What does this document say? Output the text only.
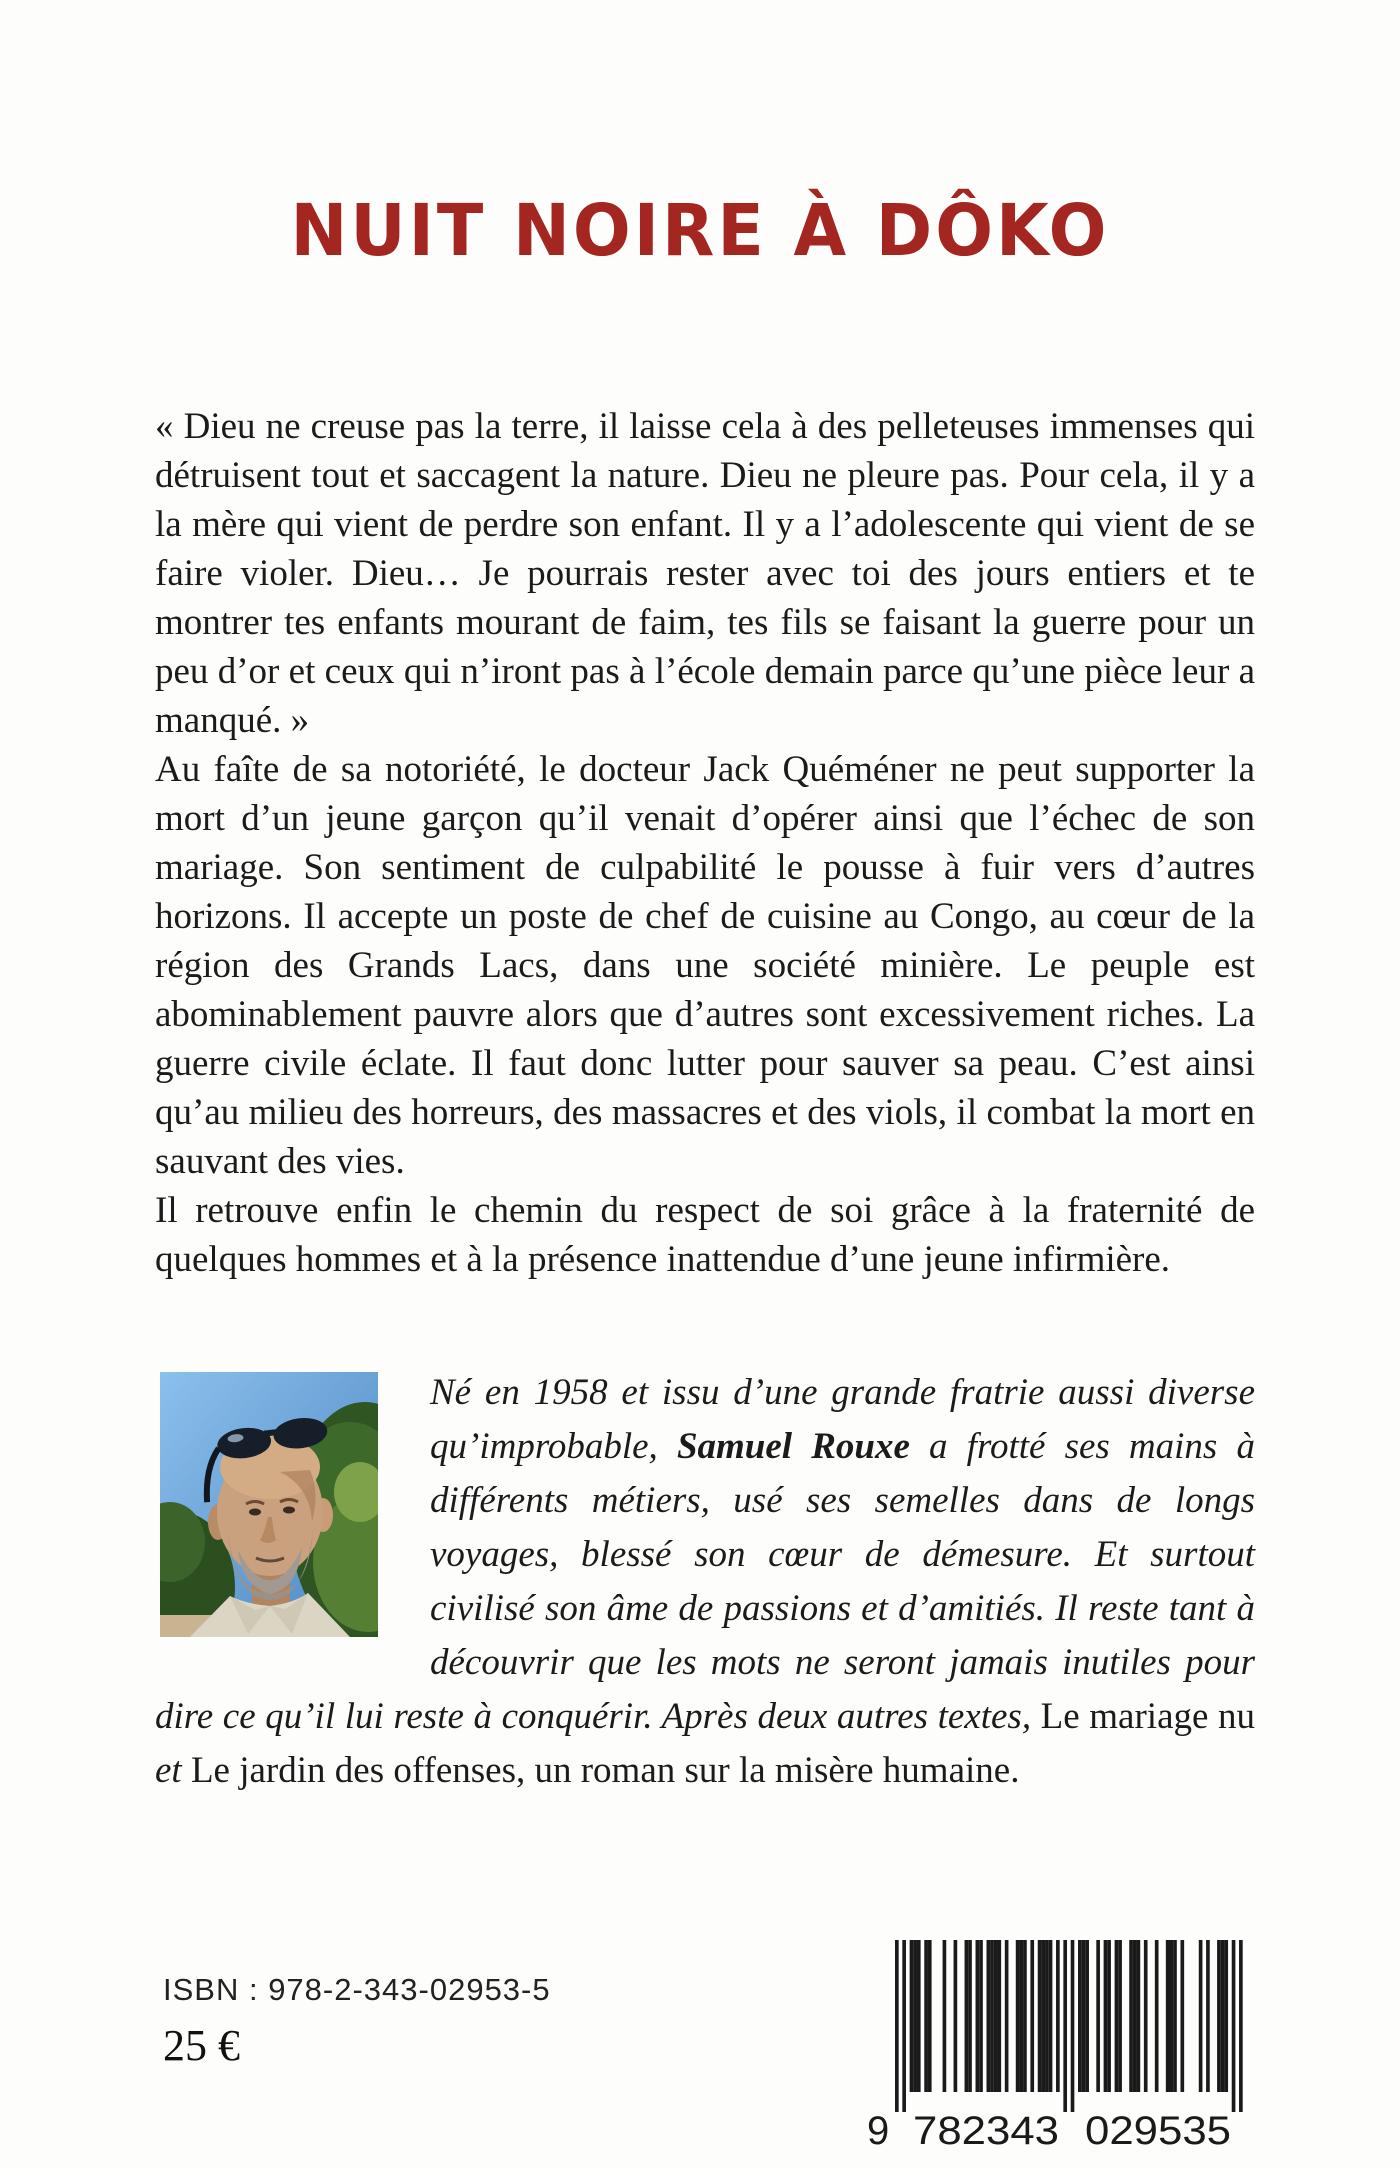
NUIT NOIRE À DÔKO

« Dieu ne creuse pas la terre, il laisse cela à des pelleteuses immenses qui détruisent tout et saccagent la nature. Dieu ne pleure pas. Pour cela, il y a la mère qui vient de perdre son enfant. Il y a l’adolescente qui vient de se faire violer. Dieu… Je pourrais rester avec toi des jours entiers et te montrer tes enfants mourant de faim, tes fils se faisant la guerre pour un peu d’or et ceux qui n’iront pas à l’école demain parce qu’une pièce leur a manqué. »

Au faîte de sa notoriété, le docteur Jack Quéméner ne peut supporter la mort d’un jeune garçon qu’il venait d’opérer ainsi que l’échec de son mariage. Son sentiment de culpabilité le pousse à fuir vers d’autres horizons. Il accepte un poste de chef de cuisine au Congo, au cœur de la région des Grands Lacs, dans une société minière. Le peuple est abominablement pauvre alors que d’autres sont excessivement riches. La guerre civile éclate. Il faut donc lutter pour sauver sa peau. C’est ainsi qu’au milieu des horreurs, des massacres et des viols, il combat la mort en sauvant des vies.

Il retrouve enfin le chemin du respect de soi grâce à la fraternité de quelques hommes et à la présence inattendue d’une jeune infirmière.

Né en 1958 et issu d’une grande fratrie aussi diverse qu’improbable, Samuel Rouxe a frotté ses mains à différents métiers, usé ses semelles dans de longs voyages, blessé son cœur de démesure. Et surtout civilisé son âme de passions et d’amitiés. Il reste tant à découvrir que les mots ne seront jamais inutiles pour dire ce qu’il lui reste à conquérir. Après deux autres textes, Le mariage nu et Le jardin des offenses, un roman sur la misère humaine.

ISBN : 978-2-343-02953-5
25 €
9 782343 029535
